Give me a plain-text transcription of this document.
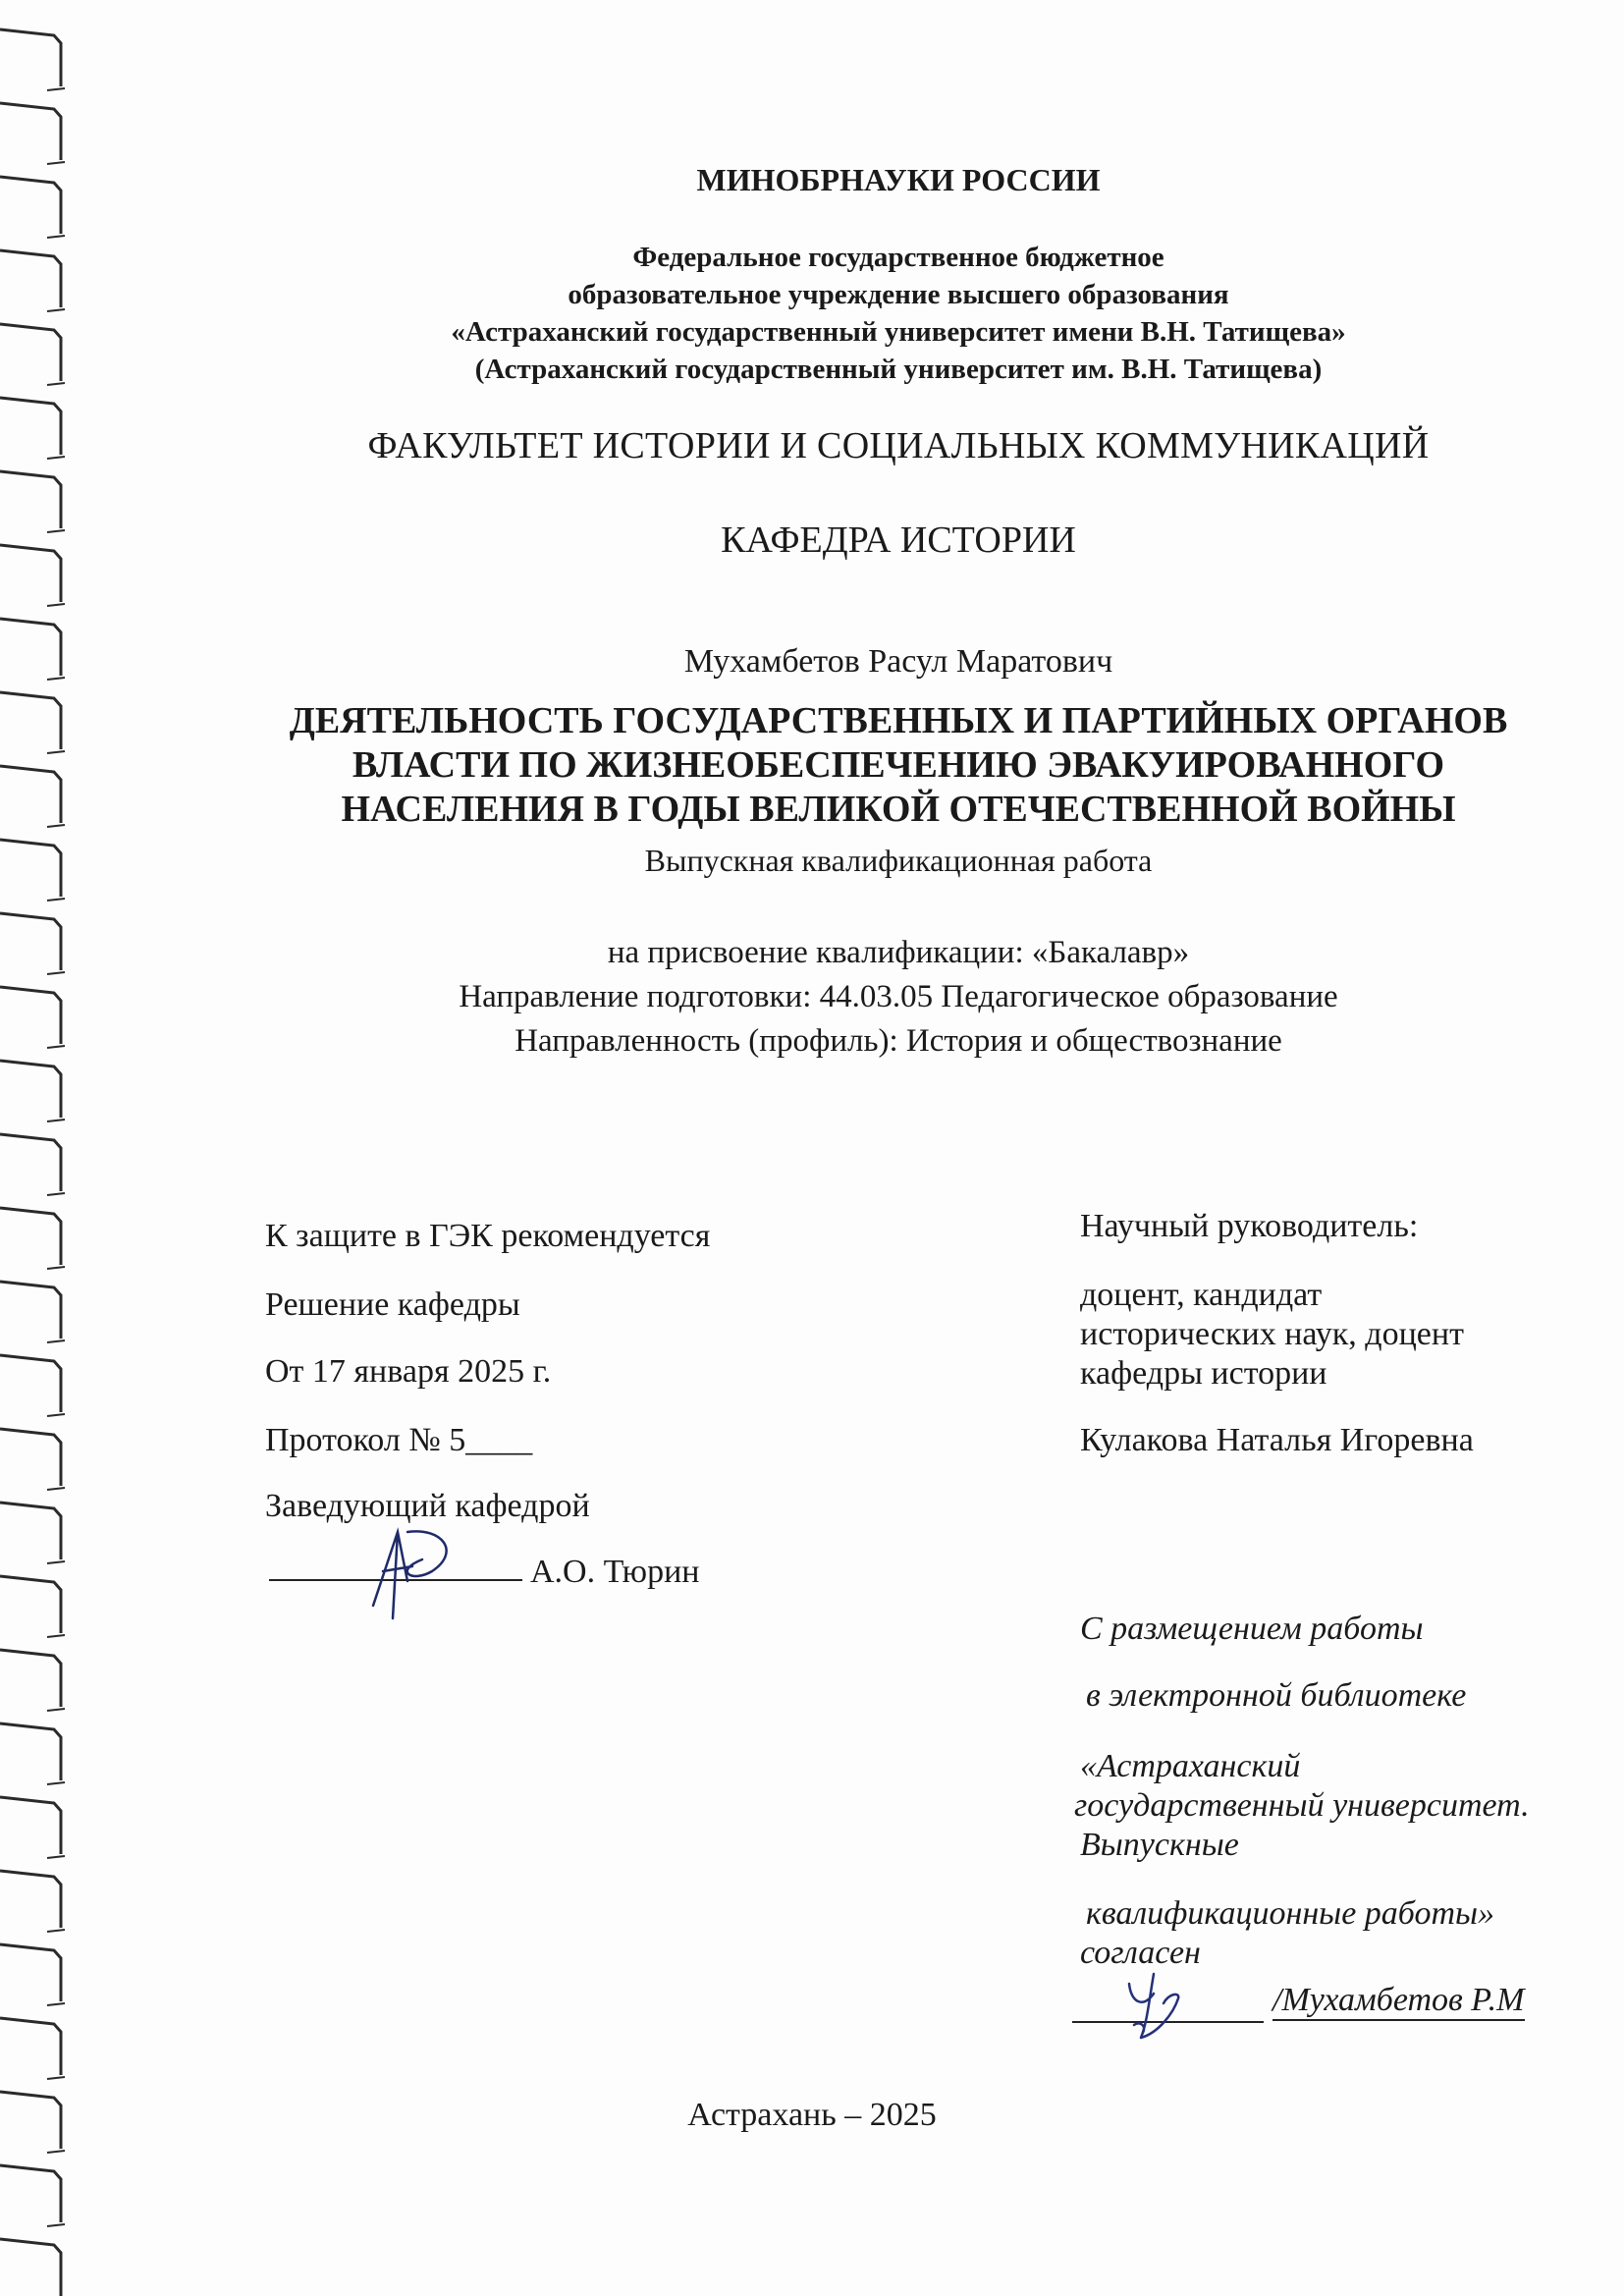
МИНОБРНАУКИ РОССИИ
Федеральное государственное бюджетное
образовательное учреждение высшего образования
«Астраханский государственный университет имени В.Н. Татищева»
(Астраханский государственный университет им. В.Н. Татищева)
ФАКУЛЬТЕТ ИСТОРИИ И СОЦИАЛЬНЫХ КОММУНИКАЦИЙ
КАФЕДРА ИСТОРИИ
Мухамбетов Расул Маратович
ДЕЯТЕЛЬНОСТЬ ГОСУДАРСТВЕННЫХ И ПАРТИЙНЫХ ОРГАНОВ
ВЛАСТИ ПО ЖИЗНЕОБЕСПЕЧЕНИЮ ЭВАКУИРОВАННОГО
НАСЕЛЕНИЯ В ГОДЫ ВЕЛИКОЙ ОТЕЧЕСТВЕННОЙ ВОЙНЫ
Выпускная квалификационная работа
на присвоение квалификации: «Бакалавр»
Направление подготовки: 44.03.05 Педагогическое образование
Направленность (профиль): История и обществознание
К защите в ГЭК рекомендуется
Решение кафедры
От 17 января 2025 г.
Протокол № 5____
Заведующий кафедрой
А.О. Тюрин
Научный руководитель:
доцент, кандидат
исторических наук, доцент
кафедры истории
Кулакова Наталья Игоревна
С размещением работы
в электронной библиотеке
«Астраханский
государственный университет.
Выпускные
квалификационные работы»
согласен
/Мухамбетов Р.М
Астрахань – 2025
